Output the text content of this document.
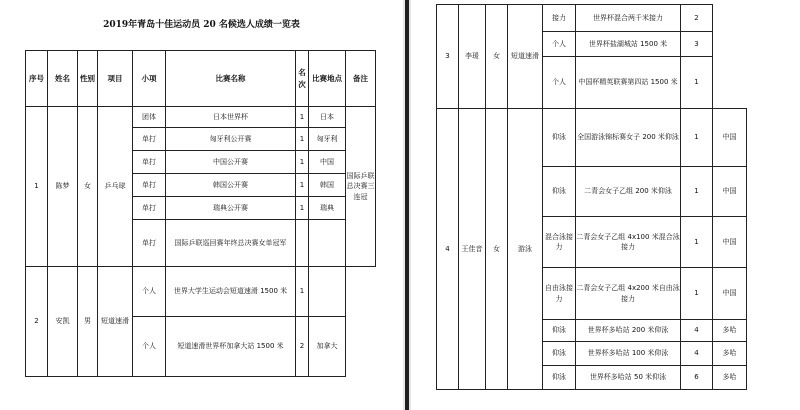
2019年青岛十佳运动员 20 名候选人成绩一览表
序号	姓名	性别	项目	小项	比赛名称	名次	比赛地点	备注
1	陈梦	女	乒乓球	团体	日本世界杯	1	日本	国际乒联总决赛三连冠
				单打	匈牙利公开赛	1	匈牙利	
				单打	中国公开赛	1	中国	
				单打	韩国公开赛	1	韩国	
				单打	瑞典公开赛	1	瑞典	
				单打	国际乒联巡回赛年终总决赛女单冠军			
2	安凯	男	短道速滑	个人	世界大学生运动会短道速滑 1500 米	1		
				个人	短道速滑世界杯加拿大站 1500 米	2	加拿大	
3	李瑗	女	短道速滑	接力	世界杯混合两千米接力	2		
				个人	世界杯盐湖城站 1500 米	3		
				个人	中国杯精英联赛第四站 1500 米	1		
4	王佳音	女	游泳	仰泳	全国游泳锦标赛女子 200 米仰泳	1	中国	
				仰泳	二青会女子乙组 200 米仰泳	1	中国	
				混合泳接力	二青会女子乙组 4x100 米混合泳接力	1	中国	
				自由泳接力	二青会女子乙组 4x200 米自由泳接力	1	中国	
				仰泳	世界杯多哈站 200 米仰泳	4	多哈	
				仰泳	世界杯多哈站 100 米仰泳	4	多哈	
				仰泳	世界杯多哈站 50 米仰泳	6	多哈	
